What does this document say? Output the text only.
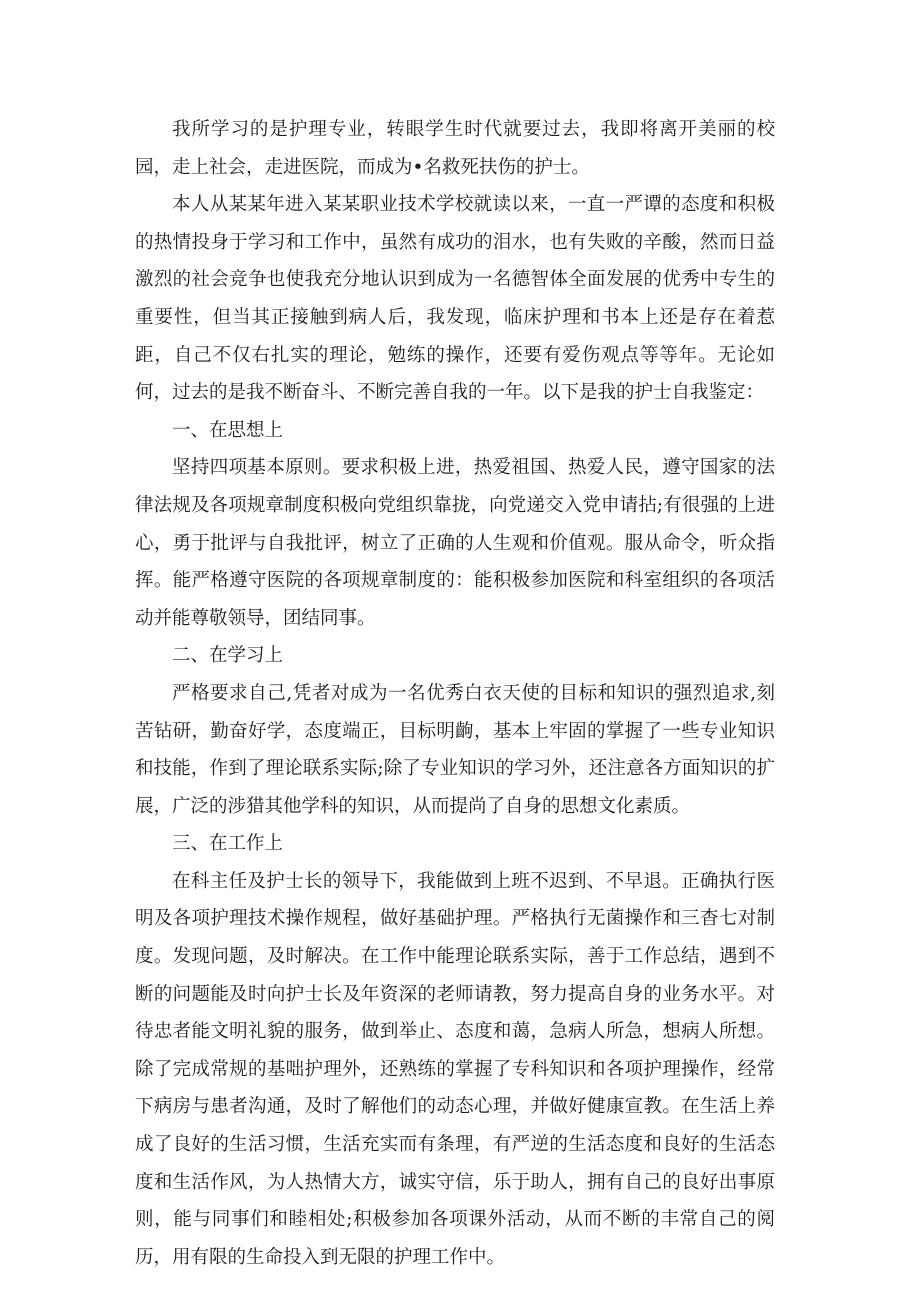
我所学习的是护理专业，转眼学生时代就要过去，我即将离开美丽的校园，走上社会，走进医院，而成为•名救死扶伤的护士。

本人从某某年进入某某职业技术学校就读以来，一直一严谭的态度和积极的热情投身于学习和工作中，虽然有成功的泪水，也有失败的辛酸，然而日益激烈的社会竞争也使我充分地认识到成为一名德智体全面发展的优秀中专生的重要性，但当其正接触到病人后，我发现，临床护理和书本上还是存在着惹距，自己不仅右扎实的理论，勉练的操作，还要有爱伤观点等等年。无论如何，过去的是我不断奋斗、不断完善自我的一年。以下是我的护士自我鉴定：

一、在思想上

坚持四项基本原则。要求积极上进，热爱祖国、热爱人民，遵守国家的法律法规及各项规章制度积极向党组织靠拢，向党递交入党申请拈;有很强的上进心，勇于批评与自我批评，树立了正确的人生观和价值观。服从命令，听众指挥。能严格遵守医院的各项规章制度的：能积极参加医院和科室组织的各项活动并能尊敬领导，团结同事。

二、在学习上

严格要求自己,凭者对成为一名优秀白衣天使的目标和知识的强烈追求,刻苦钻研，勤奋好学，态度端正，目标明齣，基本上牢固的掌握了一些专业知识和技能，作到了理论联系实际;除了专业知识的学习外，还注意各方面知识的扩展，广泛的涉猎其他学科的知识，从而提尚了自身的思想文化素质。

三、在工作上

在科主任及护士长的领导下，我能做到上班不迟到、不早退。正确执行医明及各项护理技术操作规程，做好基础护理。严格执行无菌操作和三杳七对制度。发现问题，及时解决。在工作中能理论联系实际，善于工作总结，遇到不断的问题能及时向护士长及年资深的老师请教，努力提高自身的业务水平。对待忠者能文明礼貌的服务，做到举止、态度和蔼，急病人所急，想病人所想。除了完成常规的基咄护理外，还熟练的掌握了专科知识和各项护理操作，经常下病房与患者沟通，及时了解他们的动态心理，并做好健康宣教。在生活上养成了良好的生活习惯，生活充实而有条理，有严逆的生活态度和良好的生活态度和生活作风，为人热情大方，诚实守信，乐于助人，拥有自己的良好出事原则，能与同事们和睦相处;积极参加各项课外活动，从而不断的丰常自己的阅历，用有限的生命投入到无限的护理工作中。
